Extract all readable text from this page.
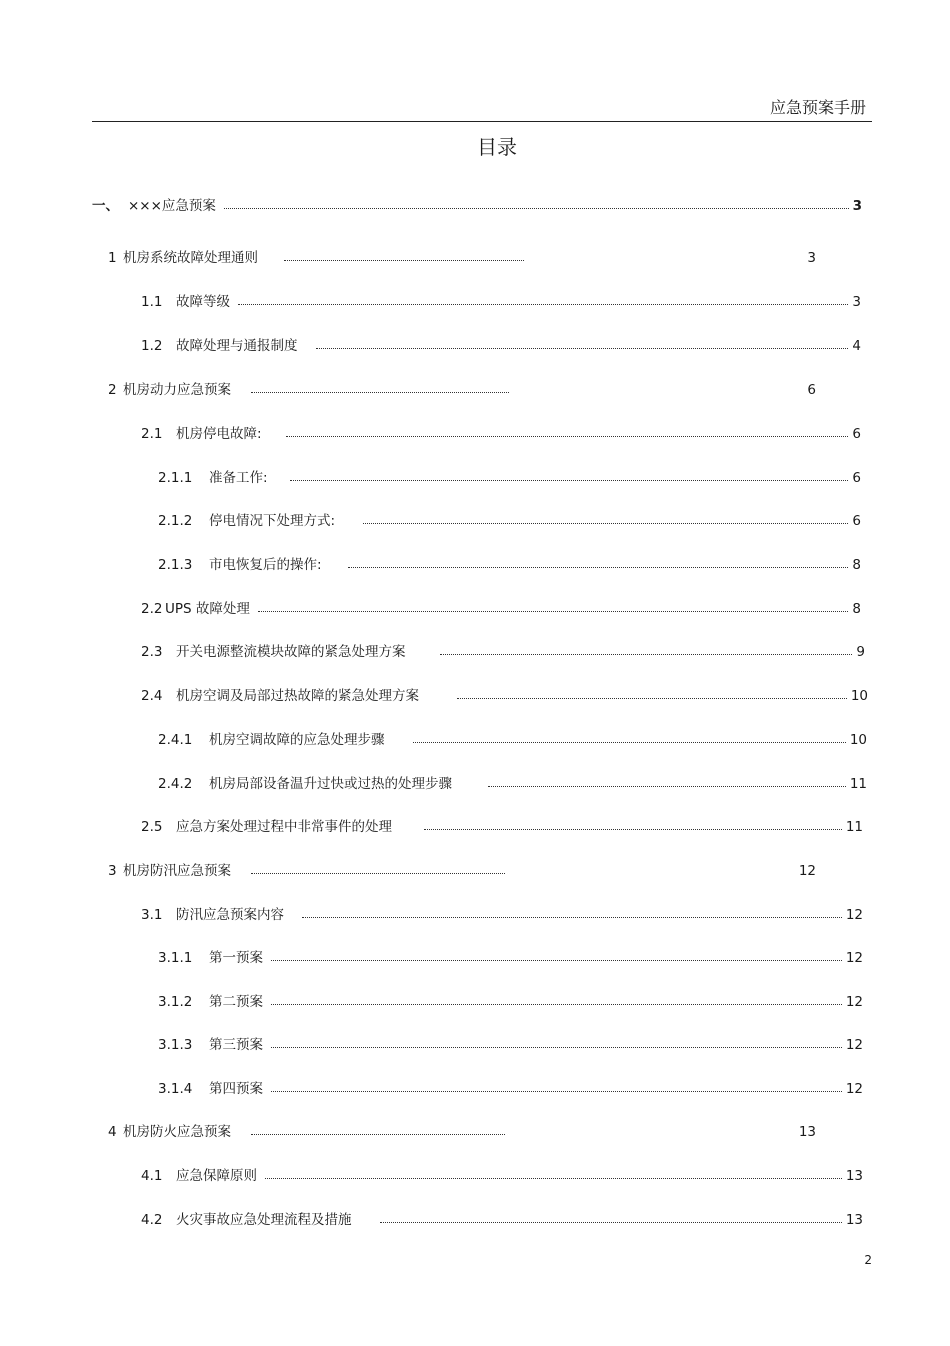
应急预案手册
目录
一、 ×××应急预案	3
1 机房系统故障处理通则	3
1.1	故障等级	3
1.2	故障处理与通报制度	4
2 机房动力应急预案	6
2.1	机房停电故障:	6
2.1.1	准备工作:	6
2.1.2	停电情况下处理方式:	6
2.1.3	市电恢复后的操作:	8
2.2 UPS 故障处理	8
2.3	开关电源整流模块故障的紧急处理方案	9
2.4	机房空调及局部过热故障的紧急处理方案	10
2.4.1	机房空调故障的应急处理步骤	10
2.4.2	机房局部设备温升过快或过热的处理步骤	11
2.5	应急方案处理过程中非常事件的处理	11
3 机房防汛应急预案	12
3.1	防汛应急预案内容	12
3.1.1	第一预案	12
3.1.2	第二预案	12
3.1.3	第三预案	12
3.1.4	第四预案	12
4 机房防火应急预案	13
4.1	应急保障原则	13
4.2	火灾事故应急处理流程及措施	13
2
